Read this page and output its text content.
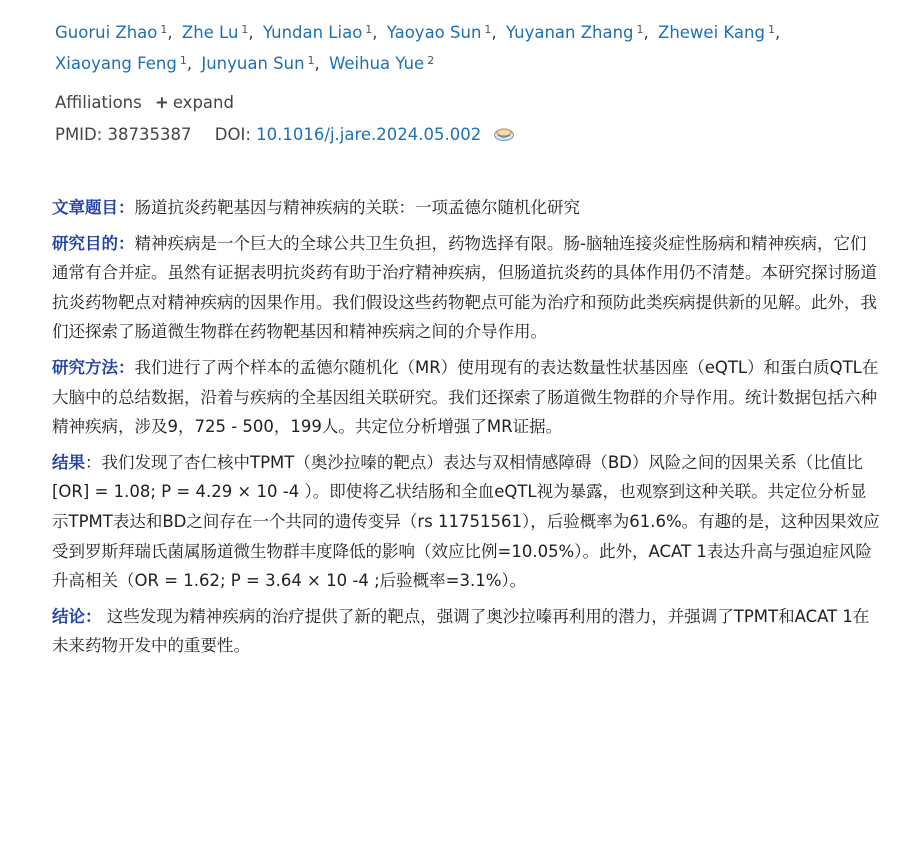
Guorui Zhao $^1$, Zhe Lu $^1$, Yundan Liao $^1$, Yaoyao Sun $^1$, Yuyanan Zhang $^1$, Zhewei Kang $^1$,
Xiaoyang Feng $^1$, Junyuan Sun $^1$, Weihua Yue $^2$
Affiliations + expand
PMID: 38735387 DOI: 10.1016/j.jare.2024.05.002

文章题目：肠道抗炎药靶基因与精神疾病的关联：一项孟德尔随机化研究

研究目的：精神疾病是一个巨大的全球公共卫生负担，药物选择有限。肠-脑轴连接炎症性肠病和精神疾病，它们通常有合并症。虽然有证据表明抗炎药有助于治疗精神疾病，但肠道抗炎药的具体作用仍不清楚。本研究探讨肠道抗炎药物靶点对精神疾病的因果作用。我们假设这些药物靶点可能为治疗和预防此类疾病提供新的见解。此外，我们还探索了肠道微生物群在药物靶基因和精神疾病之间的介导作用。

研究方法：我们进行了两个样本的孟德尔随机化（MR）使用现有的表达数量性状基因座（eQTL）和蛋白质QTL在大脑中的总结数据，沿着与疾病的全基因组关联研究。我们还探索了肠道微生物群的介导作用。统计数据包括六种精神疾病，涉及9，725 - 500，199人。共定位分析增强了MR证据。

结果：我们发现了杏仁核中TPMT（奥沙拉嗪的靶点）表达与双相情感障碍（BD）风险之间的因果关系（比值比[OR] = 1.08; P = 4.29 × 10 -4 ）。即使将乙状结肠和全血eQTL视为暴露，也观察到这种关联。共定位分析显示TPMT表达和BD之间存在一个共同的遗传变异（rs 11751561），后验概率为61.6%。有趣的是，这种因果效应受到罗斯拜瑞氏菌属肠道微生物群丰度降低的影响（效应比例=10.05%）。此外，ACAT 1表达升高与强迫症风险升高相关（OR = 1.62; P = 3.64 × 10 -4 ;后验概率=3.1%）。

结论： 这些发现为精神疾病的治疗提供了新的靶点，强调了奥沙拉嗪再利用的潜力，并强调了TPMT和ACAT 1在未来药物开发中的重要性。
